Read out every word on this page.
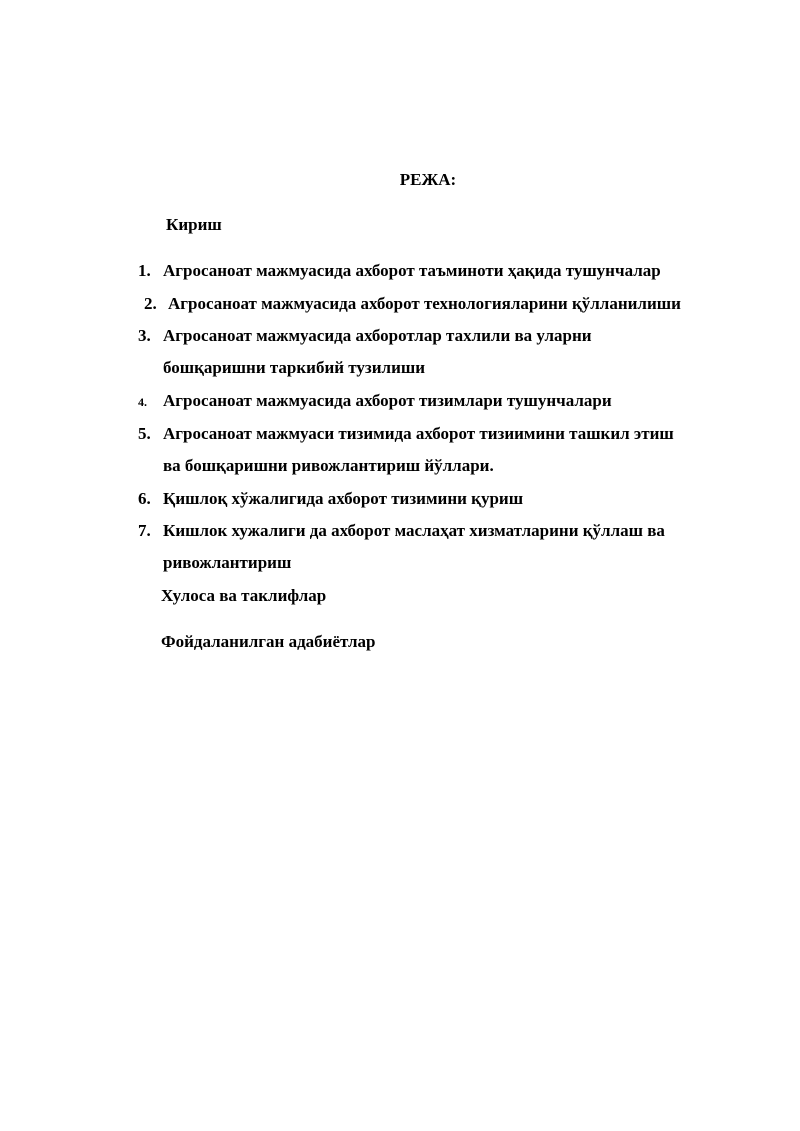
РЕЖА:
Кириш
1. Агросаноат мажмуасида ахборот таъминоти ҳақида тушунчалар
2. Агросаноат мажмуасида ахборот технологияларини қўлланилиши
3. Агросаноат мажмуасида ахборотлар тахлили ва уларни
бошқаришни таркибий тузилиши
4. Агросаноат мажмуасида ахборот тизимлари тушунчалари
5. Агросаноат мажмуаси тизимида ахборот тизиимини ташкил этиш
ва бошқаришни ривожлантириш йўллари.
6. Қишлоқ хўжалигида ахборот тизимини қуриш
7. Кишлок хужалиги да ахборот маслаҳат хизматларини қўллаш ва
ривожлантириш
Хулоса ва таклифлар
Фойдаланилган адабиётлар
